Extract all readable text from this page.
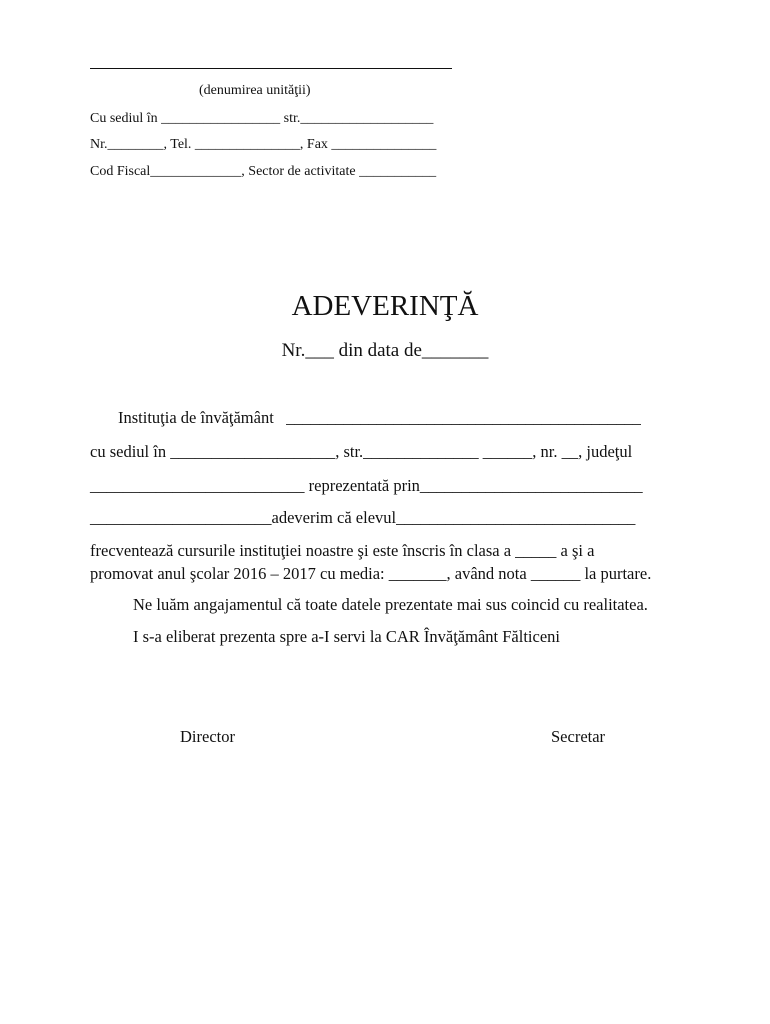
(denumirea unităţii)
Cu sediul în _________________ str.___________________
Nr.________, Tel. _______________, Fax _______________
Cod Fiscal_____________, Sector de activitate ___________
ADEVERINŢĂ
Nr.___ din data de_______
Instituţia de învăţământ   ___________________________________________
cu sediul în ____________________, str.______________ ______, nr. __, judeţul
__________________________ reprezentată prin___________________________
______________________adeverim că elevul_____________________________
frecventează cursurile instituţiei noastre şi este înscris în clasa a _____ a şi a
promovat anul şcolar 2016 – 2017 cu media: _______, având nota ______ la purtare.
Ne luăm angajamentul că toate datele prezentate mai sus coincid cu realitatea.
I s-a eliberat prezenta spre a-I servi la CAR Învăţământ Fălticeni
Director	Secretar
